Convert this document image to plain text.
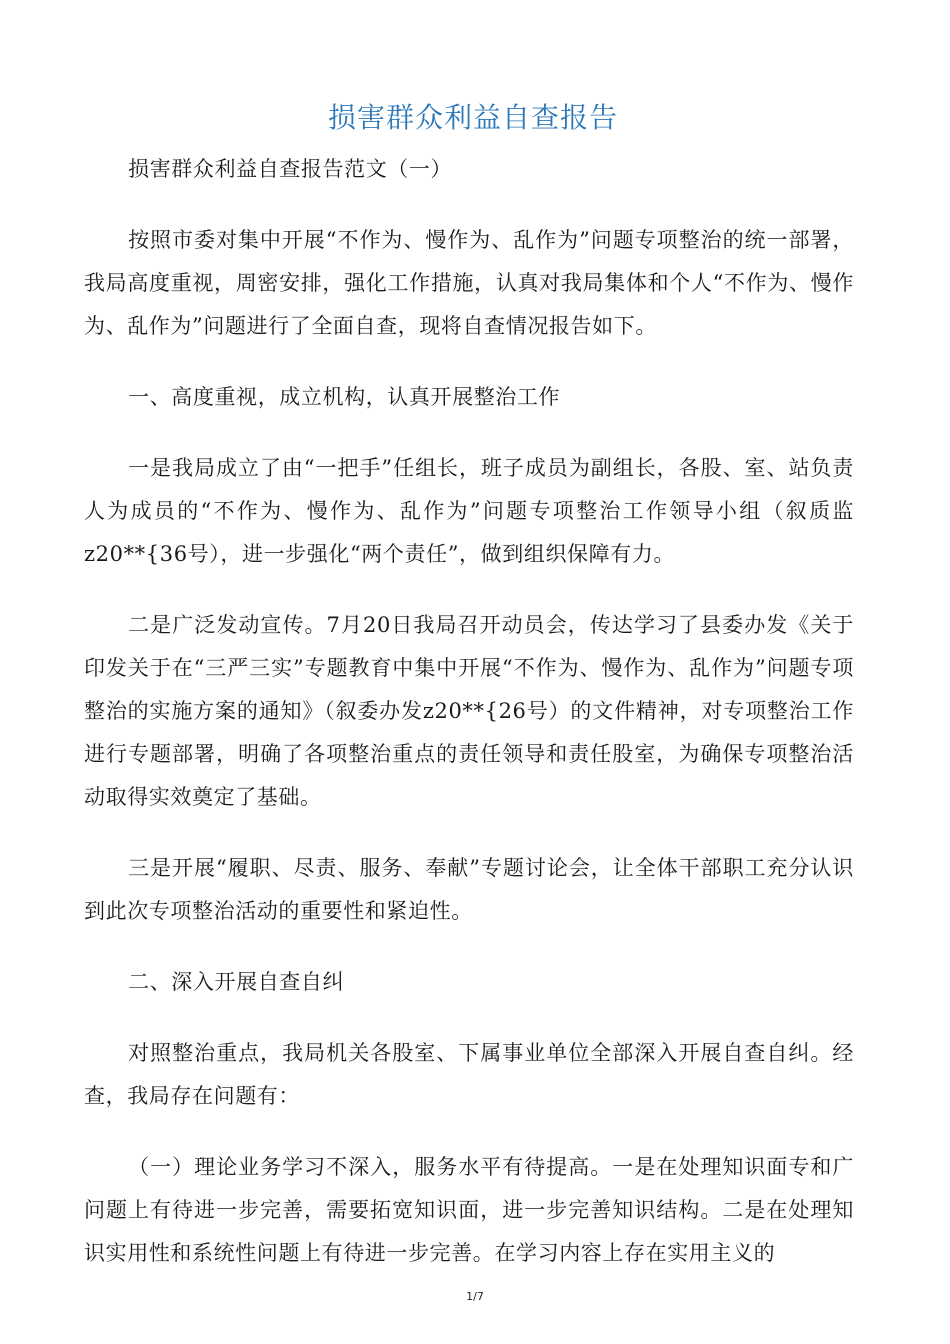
损害群众利益自查报告

损害群众利益自查报告范文（一）

按照市委对集中开展“不作为、慢作为、乱作为”问题专项整治的统一部署，我局高度重视，周密安排，强化工作措施，认真对我局集体和个人“不作为、慢作为、乱作为”问题进行了全面自查，现将自查情况报告如下。

一、高度重视，成立机构，认真开展整治工作

一是我局成立了由“一把手”任组长，班子成员为副组长，各股、室、站负责人为成员的“不作为、慢作为、乱作为”问题专项整治工作领导小组（叙质监z20**{36号），进一步强化“两个责任”，做到组织保障有力。

二是广泛发动宣传。7月20日我局召开动员会，传达学习了县委办发《关于印发关于在“三严三实”专题教育中集中开展“不作为、慢作为、乱作为”问题专项整治的实施方案的通知》（叙委办发z20**{26号）的文件精神，对专项整治工作进行专题部署，明确了各项整治重点的责任领导和责任股室，为确保专项整治活动取得实效奠定了基础。

三是开展“履职、尽责、服务、奉献”专题讨论会，让全体干部职工充分认识到此次专项整治活动的重要性和紧迫性。

二、深入开展自查自纠

对照整治重点，我局机关各股室、下属事业单位全部深入开展自查自纠。经查，我局存在问题有：

（一）理论业务学习不深入，服务水平有待提高。一是在处理知识面专和广问题上有待进一步完善，需要拓宽知识面，进一步完善知识结构。二是在处理知识实用性和系统性问题上有待进一步完善。在学习内容上存在实用主义的

1/7
